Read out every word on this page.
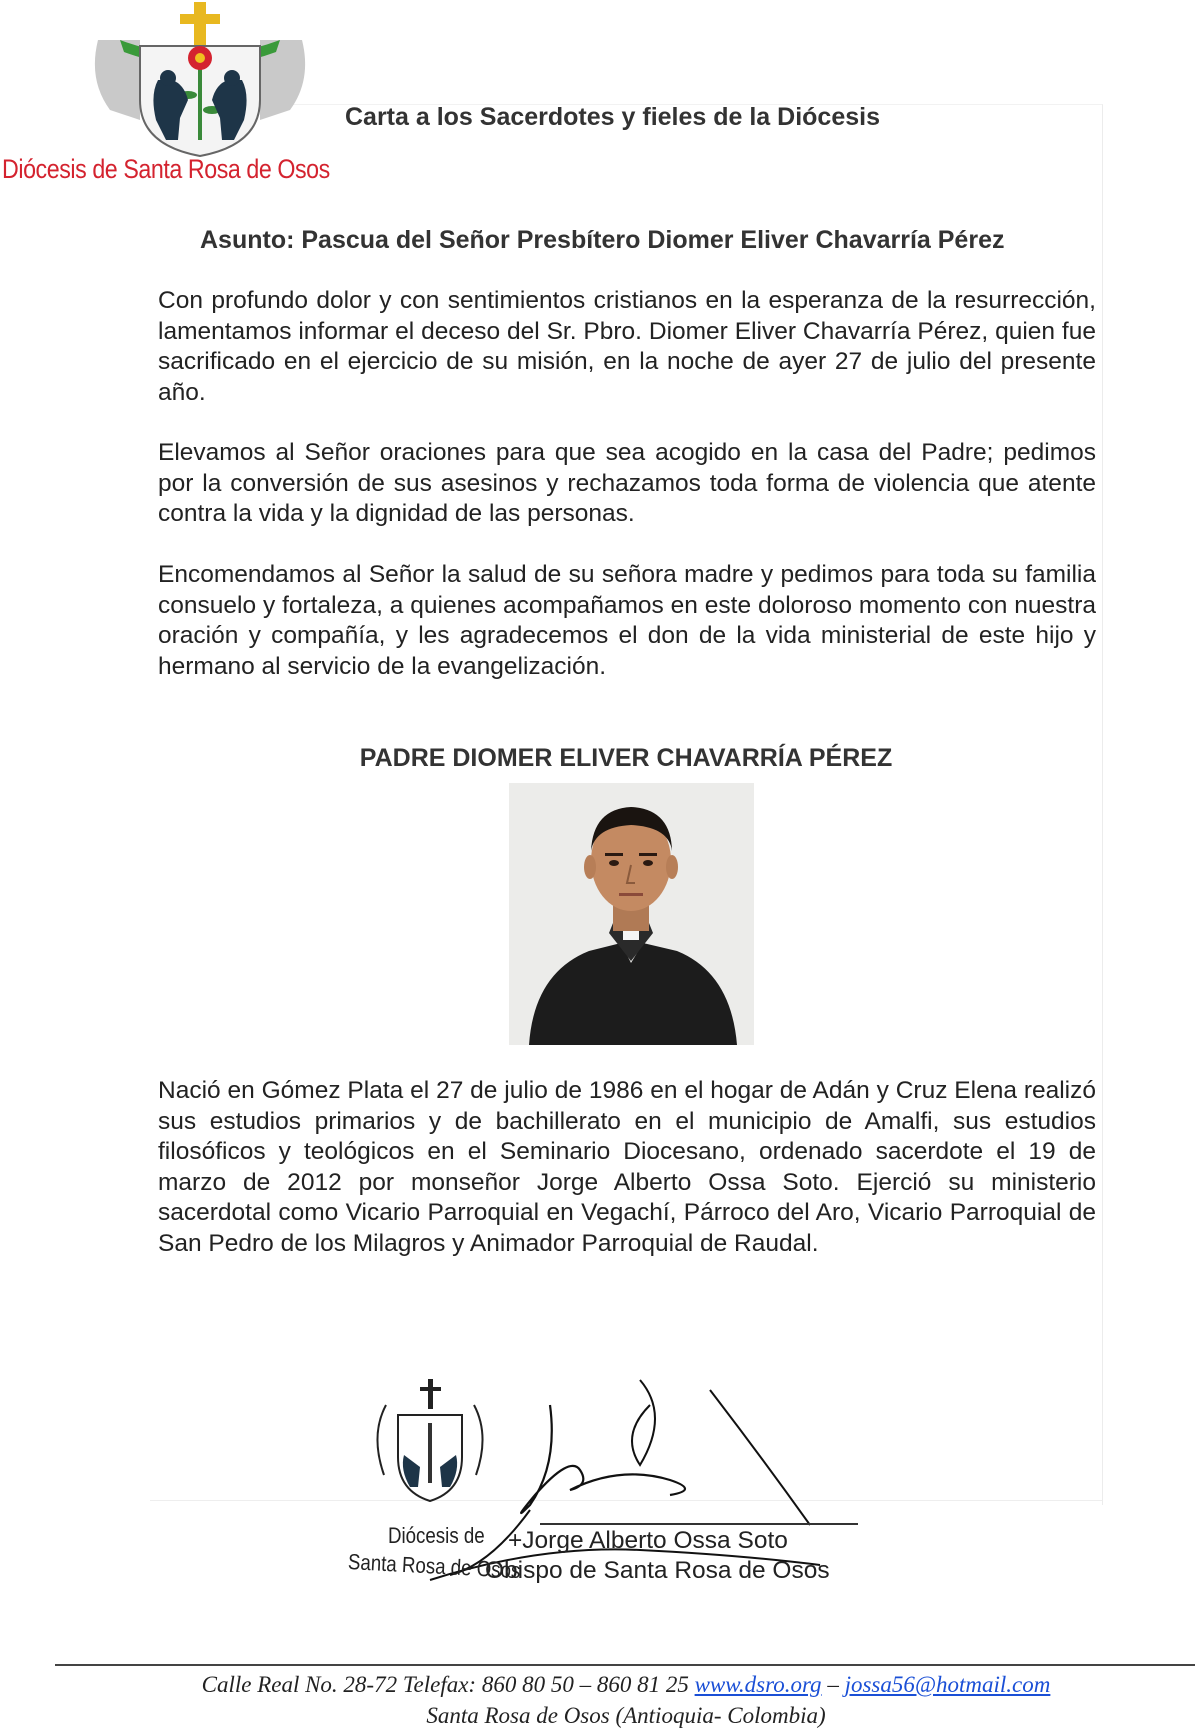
Diócesis de Santa Rosa de Osos
Carta a los Sacerdotes y fieles de la Diócesis
Asunto: Pascua del Señor Presbítero Diomer Eliver Chavarría Pérez

Con profundo dolor y con sentimientos cristianos en la esperanza de la resurrección, lamentamos informar el deceso del Sr. Pbro. Diomer Eliver Chavarría Pérez, quien fue sacrificado en el ejercicio de su misión, en la noche de ayer 27 de julio del presente año.

Elevamos al Señor oraciones para que sea acogido en la casa del Padre; pedimos por la conversión de sus asesinos y rechazamos toda forma de violencia que atente contra la vida y la dignidad de las personas.

Encomendamos al Señor la salud de su señora madre y pedimos para toda su familia consuelo y fortaleza, a quienes acompañamos en este doloroso momento con nuestra oración y compañía, y les agradecemos el don de la vida ministerial de este hijo y hermano al servicio de la evangelización.

PADRE DIOMER ELIVER CHAVARRÍA PÉREZ

Nació en Gómez Plata el 27 de julio de 1986 en el hogar de Adán y Cruz Elena realizó sus estudios primarios y de bachillerato en el municipio de Amalfi, sus estudios filosóficos y teológicos en el Seminario Diocesano, ordenado sacerdote el 19 de marzo de 2012 por monseñor Jorge Alberto Ossa Soto. Ejerció su ministerio sacerdotal como Vicario Parroquial en Vegachí, Párroco del Aro, Vicario Parroquial de San Pedro de los Milagros y Animador Parroquial de Raudal.

Diócesis de
Santa Rosa de Osos
+Jorge Alberto Ossa Soto
Obispo de Santa Rosa de Osos
Calle Real No. 28-72 Telefax: 860 80 50 – 860 81 25 www.dsro.org – jossa56@hotmail.com
Santa Rosa de Osos (Antioquia- Colombia)
